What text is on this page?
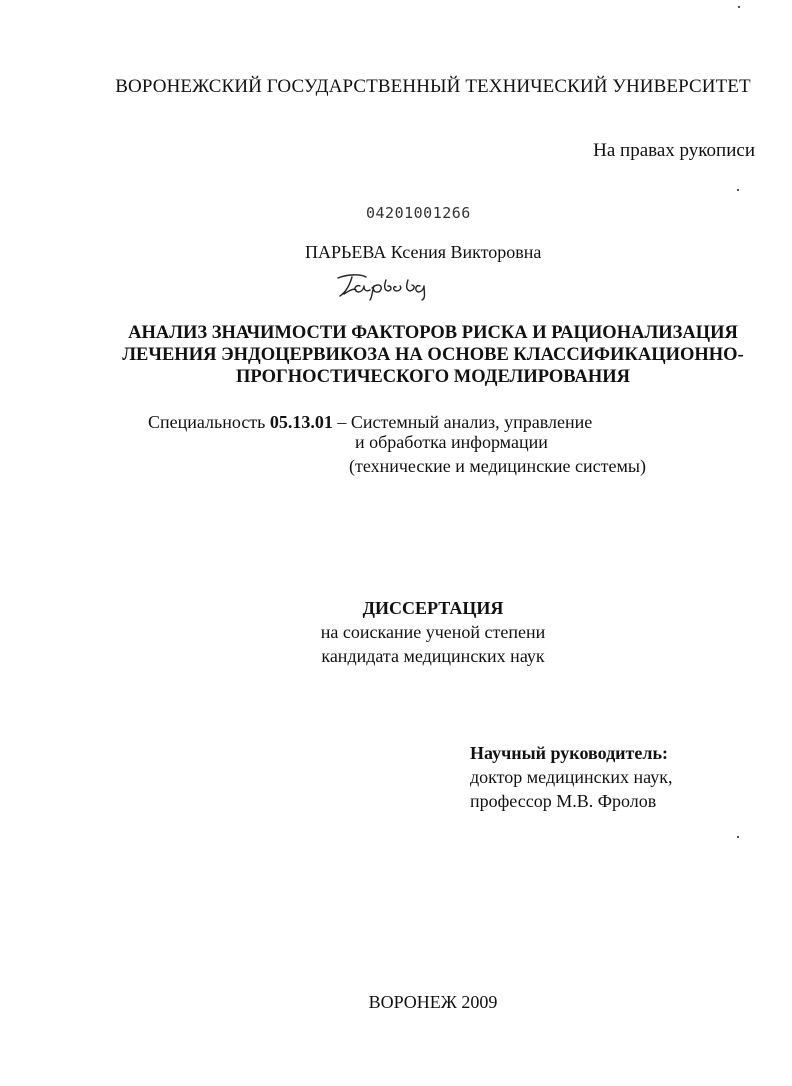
ВОРОНЕЖСКИЙ ГОСУДАРСТВЕННЫЙ ТЕХНИЧЕСКИЙ УНИВЕРСИТЕТ
На правах рукописи
04201001266
ПАРЬЕВА Ксения Викторовна
АНАЛИЗ ЗНАЧИМОСТИ ФАКТОРОВ РИСКА И РАЦИОНАЛИЗАЦИЯ
ЛЕЧЕНИЯ ЭНДОЦЕРВИКОЗА НА ОСНОВЕ КЛАССИФИКАЦИОННО-
ПРОГНОСТИЧЕСКОГО МОДЕЛИРОВАНИЯ
Специальность 05.13.01 – Системный анализ, управление
и обработка информации
(технические и медицинские системы)
ДИССЕРТАЦИЯ
на соискание ученой степени
кандидата медицинских наук
Научный руководитель:
доктор медицинских наук,
профессор М.В. Фролов
ВОРОНЕЖ 2009
